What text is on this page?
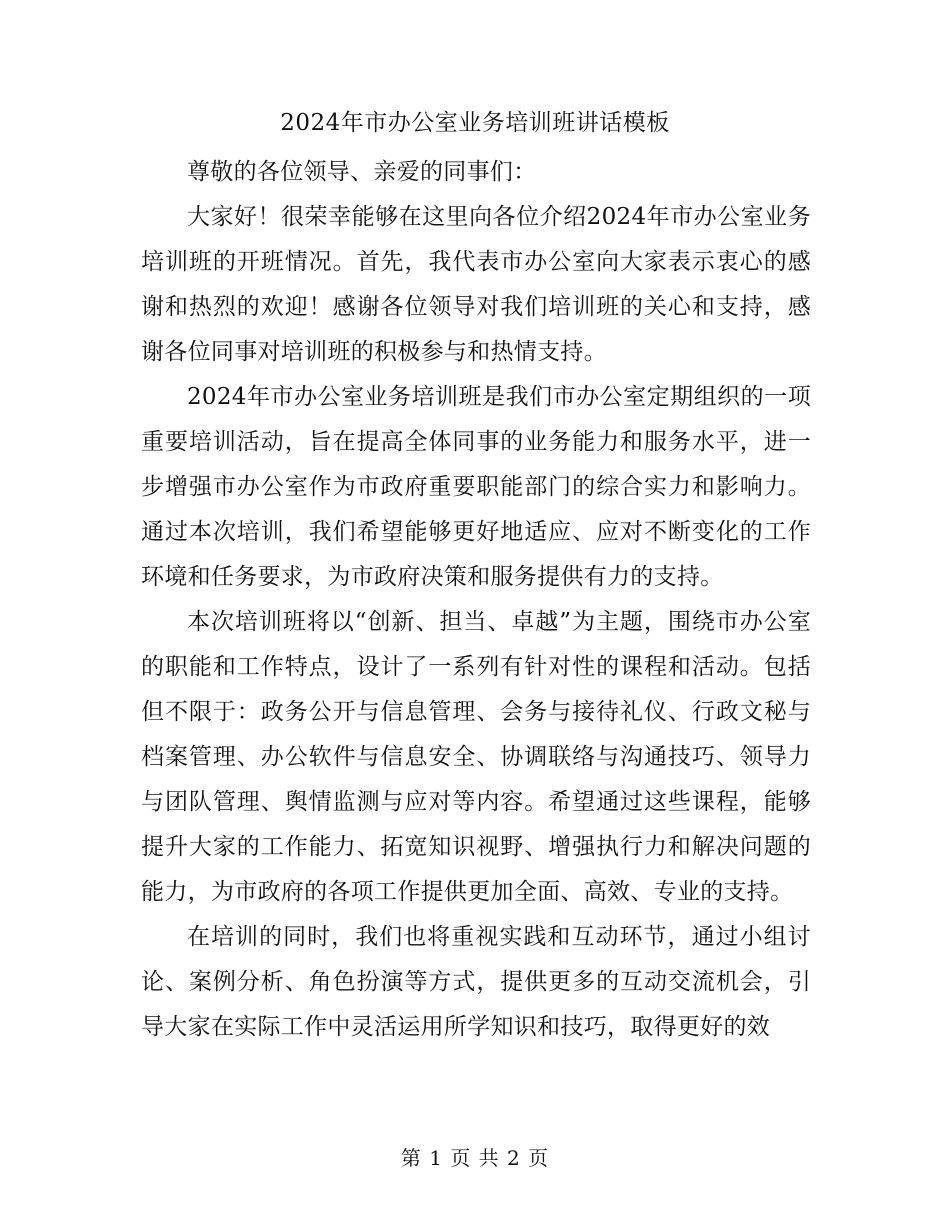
2024年市办公室业务培训班讲话模板

尊敬的各位领导、亲爱的同事们：

大家好！很荣幸能够在这里向各位介绍2024年市办公室业务培训班的开班情况。首先，我代表市办公室向大家表示衷心的感谢和热烈的欢迎！感谢各位领导对我们培训班的关心和支持，感谢各位同事对培训班的积极参与和热情支持。

2024年市办公室业务培训班是我们市办公室定期组织的一项重要培训活动，旨在提高全体同事的业务能力和服务水平，进一步增强市办公室作为市政府重要职能部门的综合实力和影响力。通过本次培训，我们希望能够更好地适应、应对不断变化的工作环境和任务要求，为市政府决策和服务提供有力的支持。

本次培训班将以“创新、担当、卓越”为主题，围绕市办公室的职能和工作特点，设计了一系列有针对性的课程和活动。包括但不限于：政务公开与信息管理、会务与接待礼仪、行政文秘与档案管理、办公软件与信息安全、协调联络与沟通技巧、领导力与团队管理、舆情监测与应对等内容。希望通过这些课程，能够提升大家的工作能力、拓宽知识视野、增强执行力和解决问题的能力，为市政府的各项工作提供更加全面、高效、专业的支持。

在培训的同时，我们也将重视实践和互动环节，通过小组讨论、案例分析、角色扮演等方式，提供更多的互动交流机会，引导大家在实际工作中灵活运用所学知识和技巧，取得更好的效

第 1 页 共 2 页
